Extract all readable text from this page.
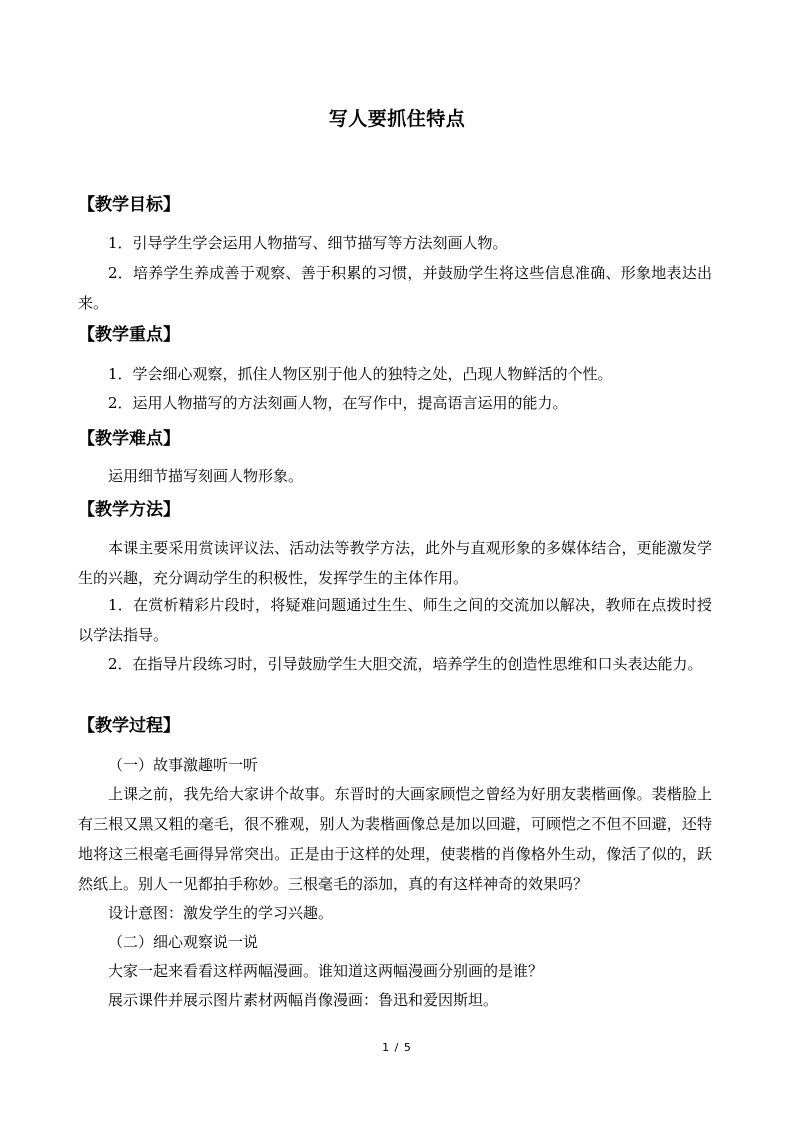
写人要抓住特点
【教学目标】
1．引导学生学会运用人物描写、细节描写等方法刻画人物。
2．培养学生养成善于观察、善于积累的习惯，并鼓励学生将这些信息准确、形象地表达出来。
【教学重点】
1．学会细心观察，抓住人物区别于他人的独特之处，凸现人物鲜活的个性。
2．运用人物描写的方法刻画人物，在写作中，提高语言运用的能力。
【教学难点】
运用细节描写刻画人物形象。
【教学方法】
本课主要采用赏读评议法、活动法等教学方法，此外与直观形象的多媒体结合，更能激发学生的兴趣，充分调动学生的积极性，发挥学生的主体作用。
1．在赏析精彩片段时，将疑难问题通过生生、师生之间的交流加以解决，教师在点拨时授以学法指导。
2．在指导片段练习时，引导鼓励学生大胆交流，培养学生的创造性思维和口头表达能力。
【教学过程】
（一）故事激趣听一听
上课之前，我先给大家讲个故事。东晋时的大画家顾恺之曾经为好朋友裴楷画像。裴楷脸上有三根又黑又粗的毫毛，很不雅观，别人为裴楷画像总是加以回避，可顾恺之不但不回避，还特地将这三根毫毛画得异常突出。正是由于这样的处理，使裴楷的肖像格外生动，像活了似的，跃然纸上。别人一见都拍手称妙。三根毫毛的添加，真的有这样神奇的效果吗？
设计意图：激发学生的学习兴趣。
（二）细心观察说一说
大家一起来看看这样两幅漫画。谁知道这两幅漫画分别画的是谁？
展示课件并展示图片素材两幅肖像漫画：鲁迅和爱因斯坦。
1 / 5
